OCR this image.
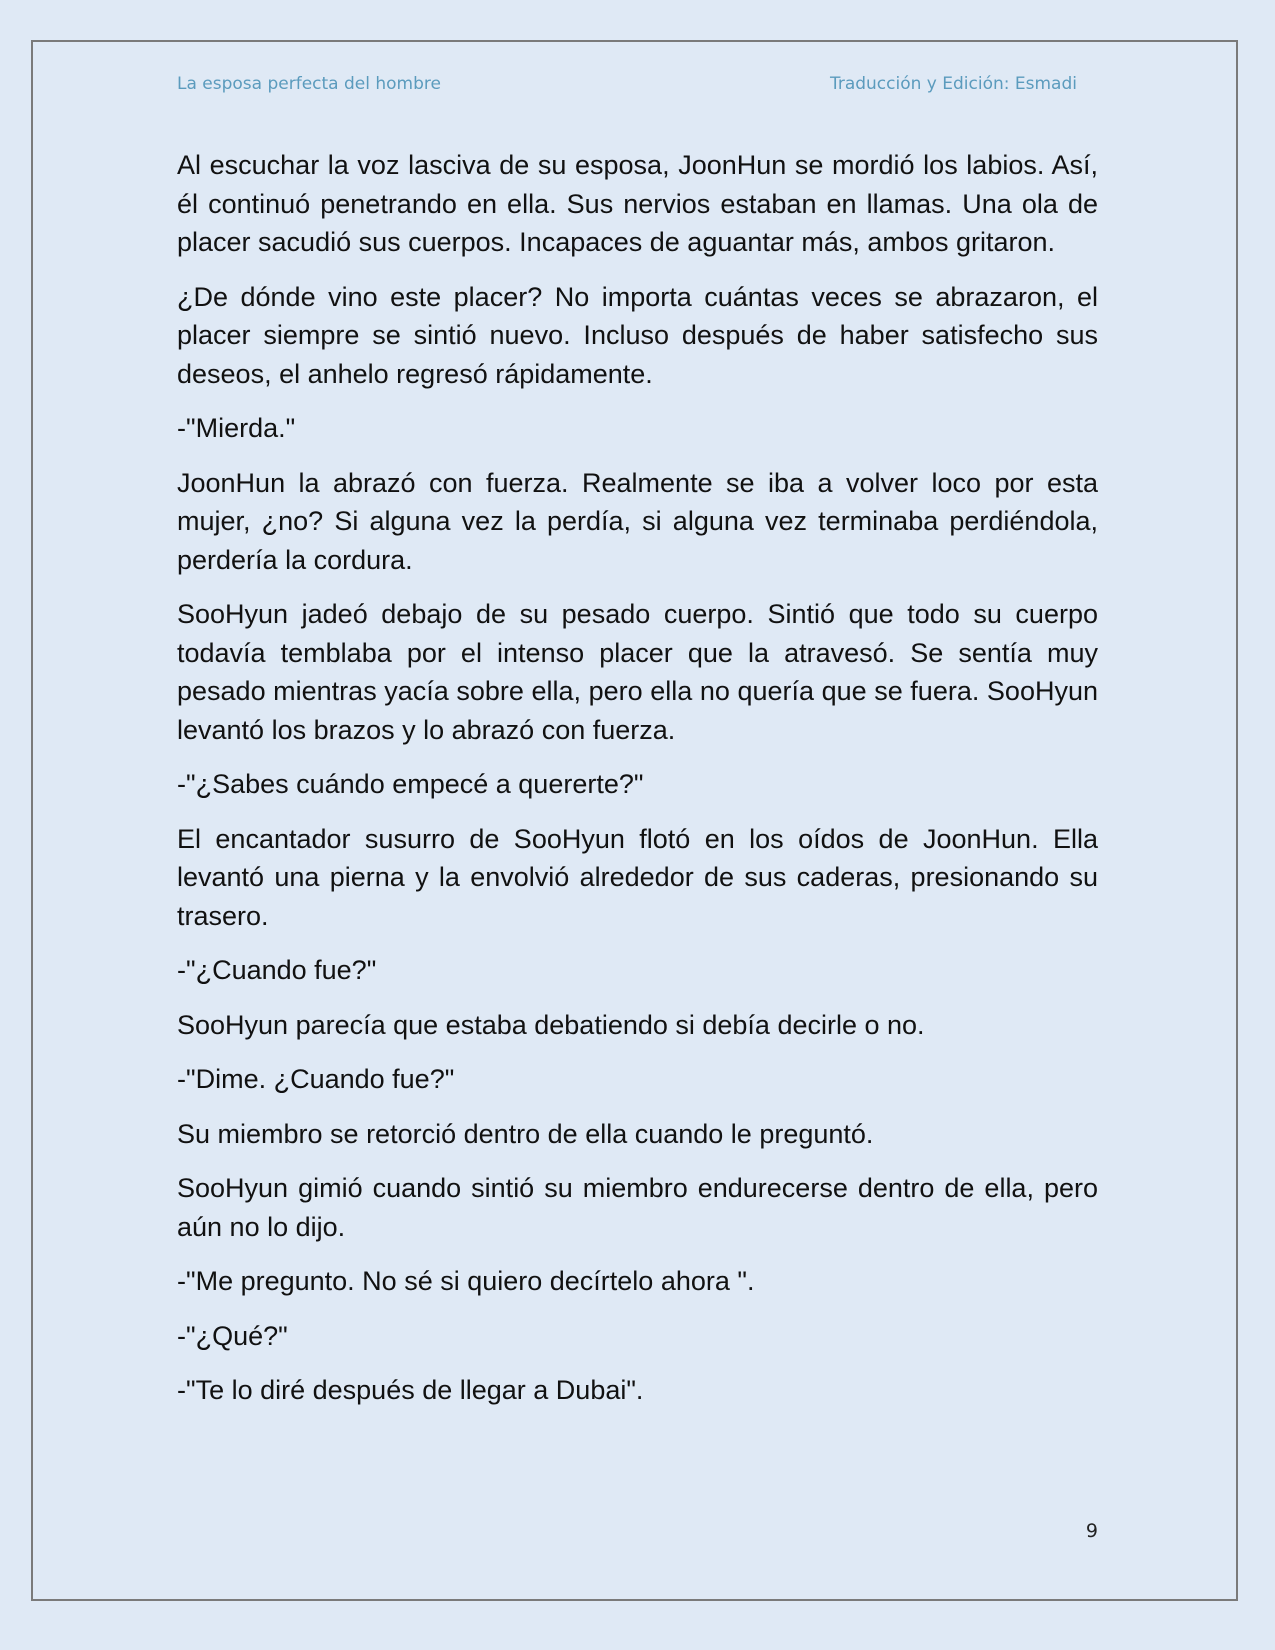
La esposa perfecta del hombre	Traducción y Edición: Esmadi

Al escuchar la voz lasciva de su esposa, JoonHun se mordió los labios. Así, él continuó penetrando en ella. Sus nervios estaban en llamas. Una ola de placer sacudió sus cuerpos. Incapaces de aguantar más, ambos gritaron.

¿De dónde vino este placer? No importa cuántas veces se abrazaron, el placer siempre se sintió nuevo. Incluso después de haber satisfecho sus deseos, el anhelo regresó rápidamente.

-"Mierda."

JoonHun la abrazó con fuerza. Realmente se iba a volver loco por esta mujer, ¿no? Si alguna vez la perdía, si alguna vez terminaba perdiéndola, perdería la cordura.

SooHyun jadeó debajo de su pesado cuerpo. Sintió que todo su cuerpo todavía temblaba por el intenso placer que la atravesó. Se sentía muy pesado mientras yacía sobre ella, pero ella no quería que se fuera. SooHyun levantó los brazos y lo abrazó con fuerza.

-"¿Sabes cuándo empecé a quererte?"

El encantador susurro de SooHyun flotó en los oídos de JoonHun. Ella levantó una pierna y la envolvió alrededor de sus caderas, presionando su trasero.

-"¿Cuando fue?"

SooHyun parecía que estaba debatiendo si debía decirle o no.

-"Dime. ¿Cuando fue?"

Su miembro se retorció dentro de ella cuando le preguntó.

SooHyun gimió cuando sintió su miembro endurecerse dentro de ella, pero aún no lo dijo.

-"Me pregunto. No sé si quiero decírtelo ahora ".

-"¿Qué?"

-"Te lo diré después de llegar a Dubai".

9
